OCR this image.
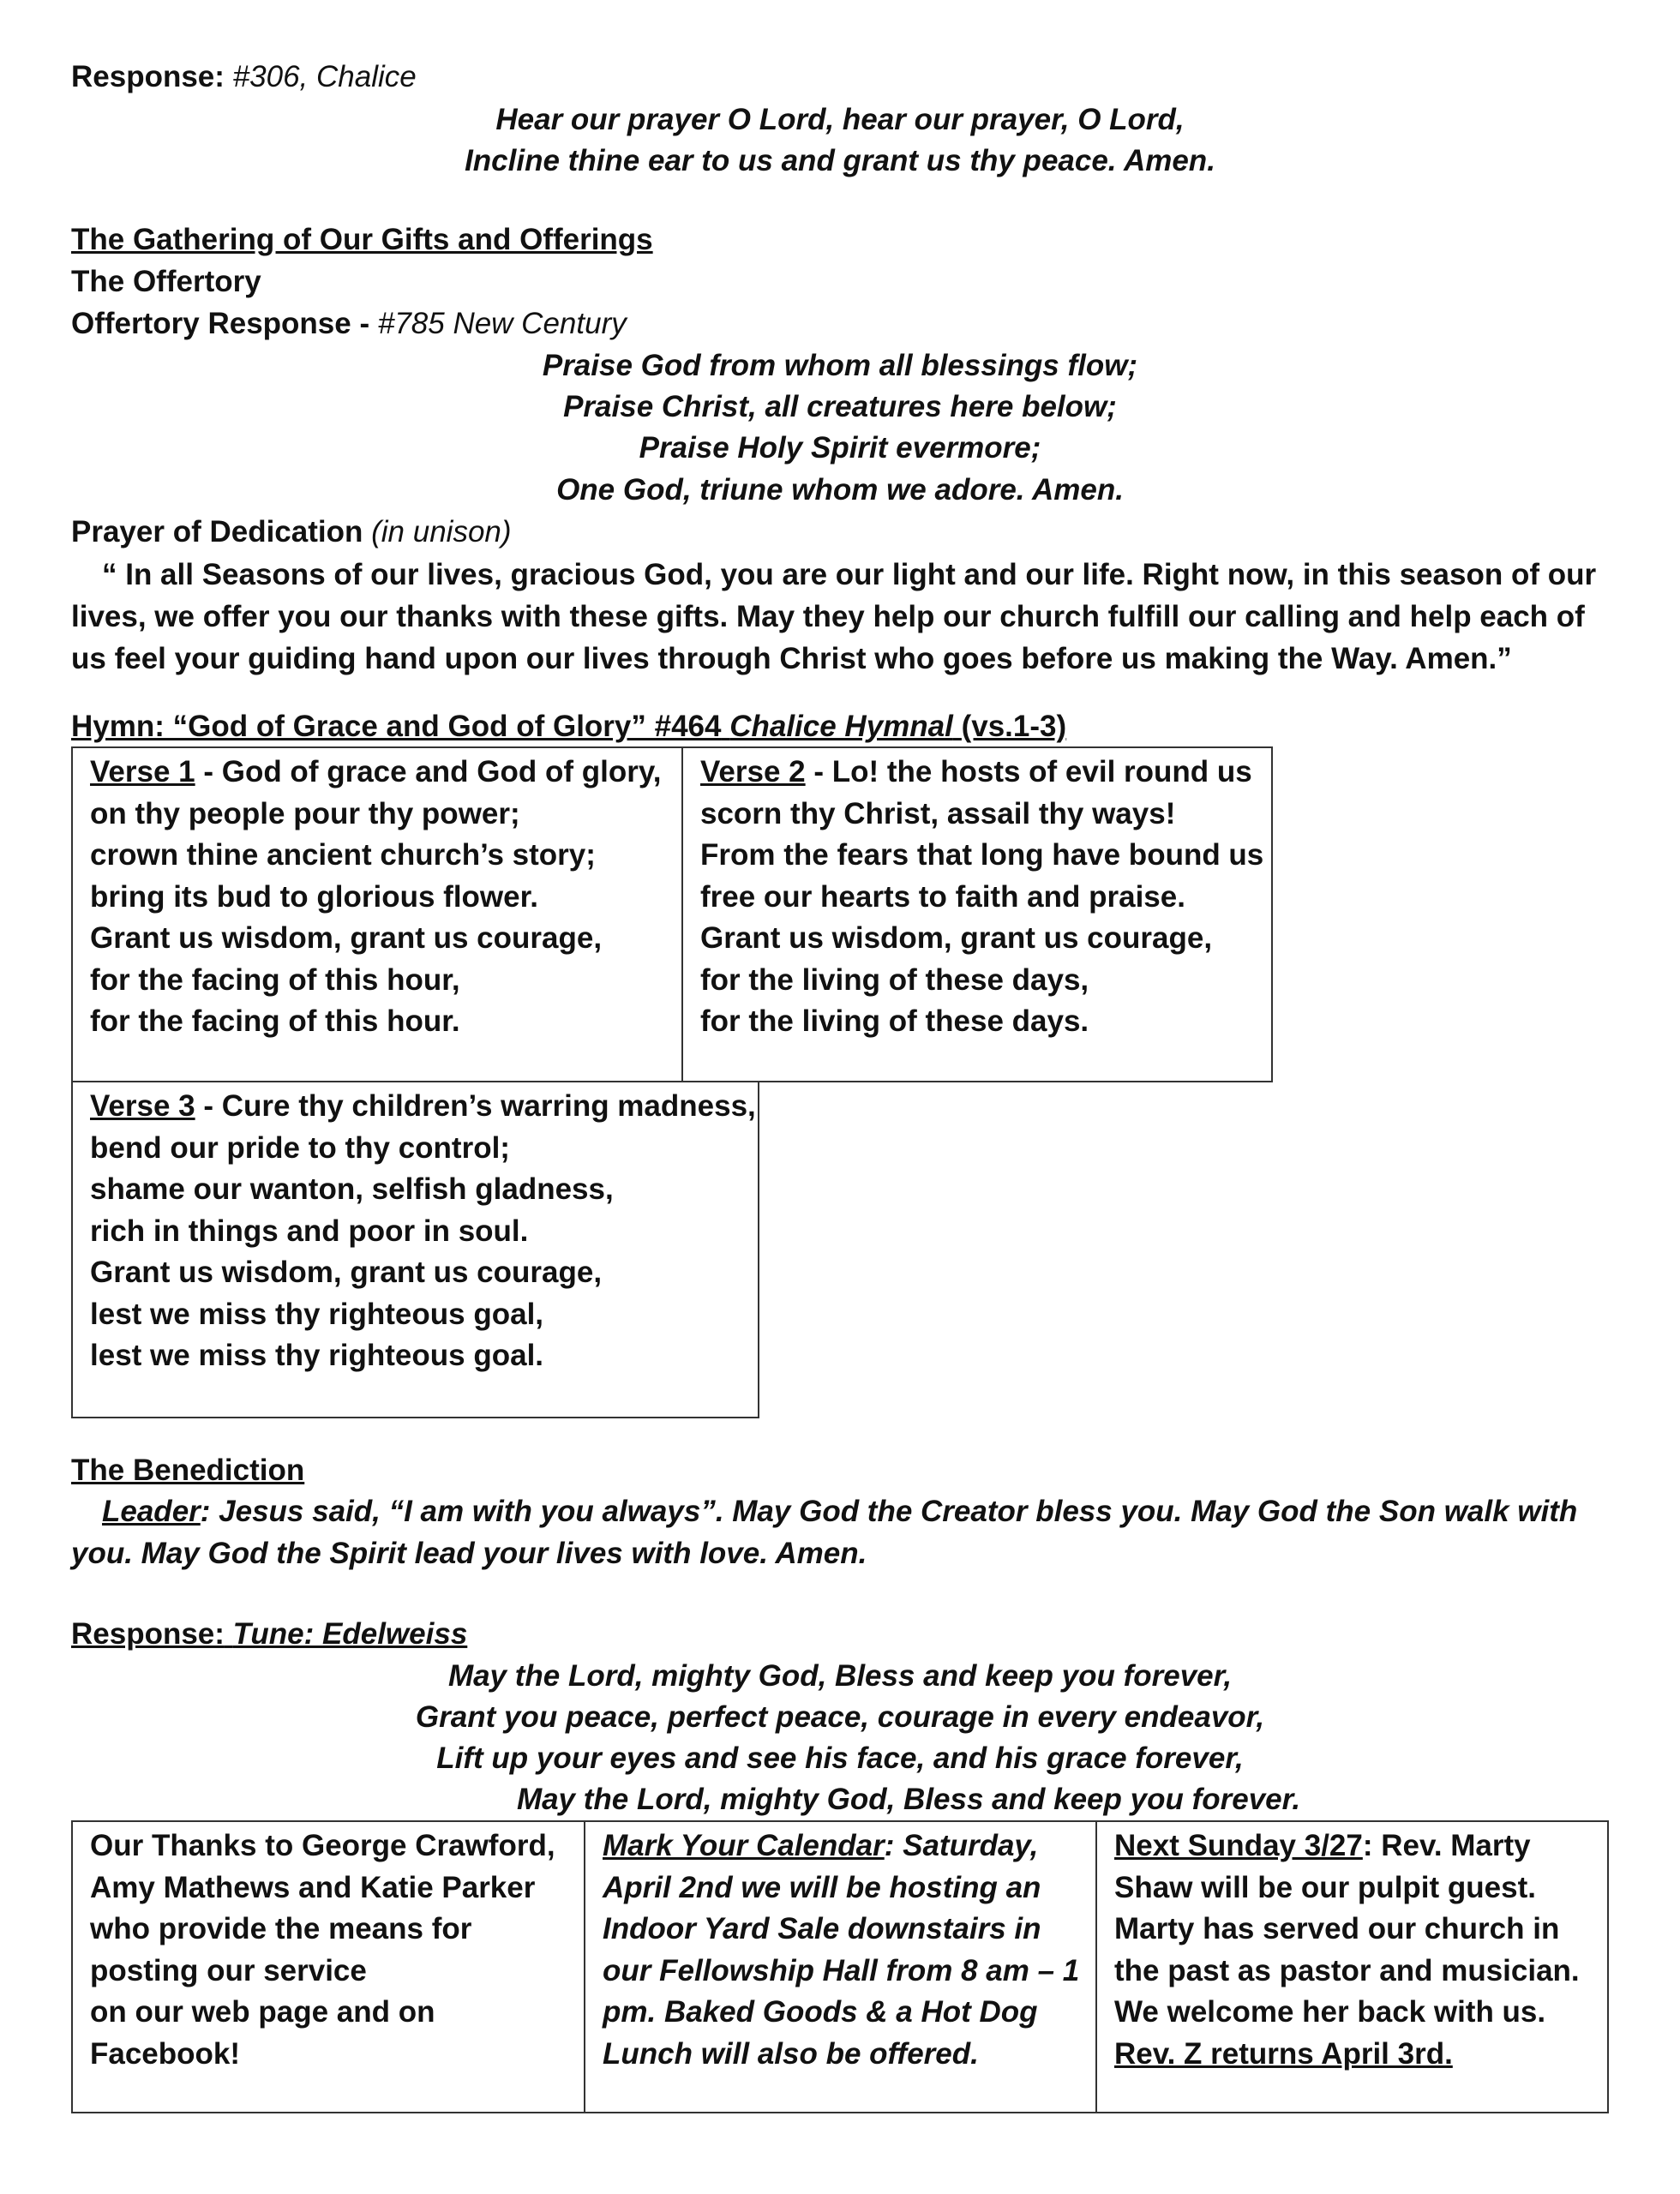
Response: #306, Chalice
Hear our prayer O Lord, hear our prayer, O Lord,
Incline thine ear to us and grant us thy peace. Amen.
The Gathering of Our Gifts and Offerings
The Offertory
Offertory Response - #785 New Century
Praise God from whom all blessings flow;
Praise Christ, all creatures here below;
Praise Holy Spirit evermore;
One God, triune whom we adore. Amen.
Prayer of Dedication (in unison)
“ In all Seasons of our lives, gracious God, you are our light and our life. Right now, in this season of our lives, we offer you our thanks with these gifts. May they help our church fulfill our calling and help each of us feel your guiding hand upon our lives through Christ who goes before us making the Way. Amen.”
Hymn: “God of Grace and God of Glory” #464 Chalice Hymnal (vs.1-3)
Verse 1 - God of grace and God of glory,
on thy people pour thy power;
crown thine ancient church’s story;
bring its bud to glorious flower.
Grant us wisdom, grant us courage,
for the facing of this hour,
for the facing of this hour.
Verse 2 - Lo! the hosts of evil round us
scorn thy Christ, assail thy ways!
From the fears that long have bound us
free our hearts to faith and praise.
Grant us wisdom, grant us courage,
for the living of these days,
for the living of these days.
Verse 3 - Cure thy children’s warring madness,
bend our pride to thy control;
shame our wanton, selfish gladness,
rich in things and poor in soul.
Grant us wisdom, grant us courage,
lest we miss thy righteous goal,
lest we miss thy righteous goal.
The Benediction
Leader: Jesus said, “I am with you always”. May God the Creator bless you. May God the Son walk with
you. May God the Spirit lead your lives with love. Amen.
Response: Tune: Edelweiss
May the Lord, mighty God, Bless and keep you forever,
Grant you peace, perfect peace, courage in every endeavor,
Lift up your eyes and see his face, and his grace forever,
May the Lord, mighty God, Bless and keep you forever.
Our Thanks to George Crawford,
Amy Mathews and Katie Parker
who provide the means for
posting our service
on our web page and on
Facebook!
Mark Your Calendar: Saturday,
April 2nd we will be hosting an
Indoor Yard Sale downstairs in
our Fellowship Hall from 8 am – 1
pm. Baked Goods & a Hot Dog
Lunch will also be offered.
Next Sunday 3/27: Rev. Marty
Shaw will be our pulpit guest.
Marty has served our church in
the past as pastor and musician.
We welcome her back with us.
Rev. Z returns April 3rd.
